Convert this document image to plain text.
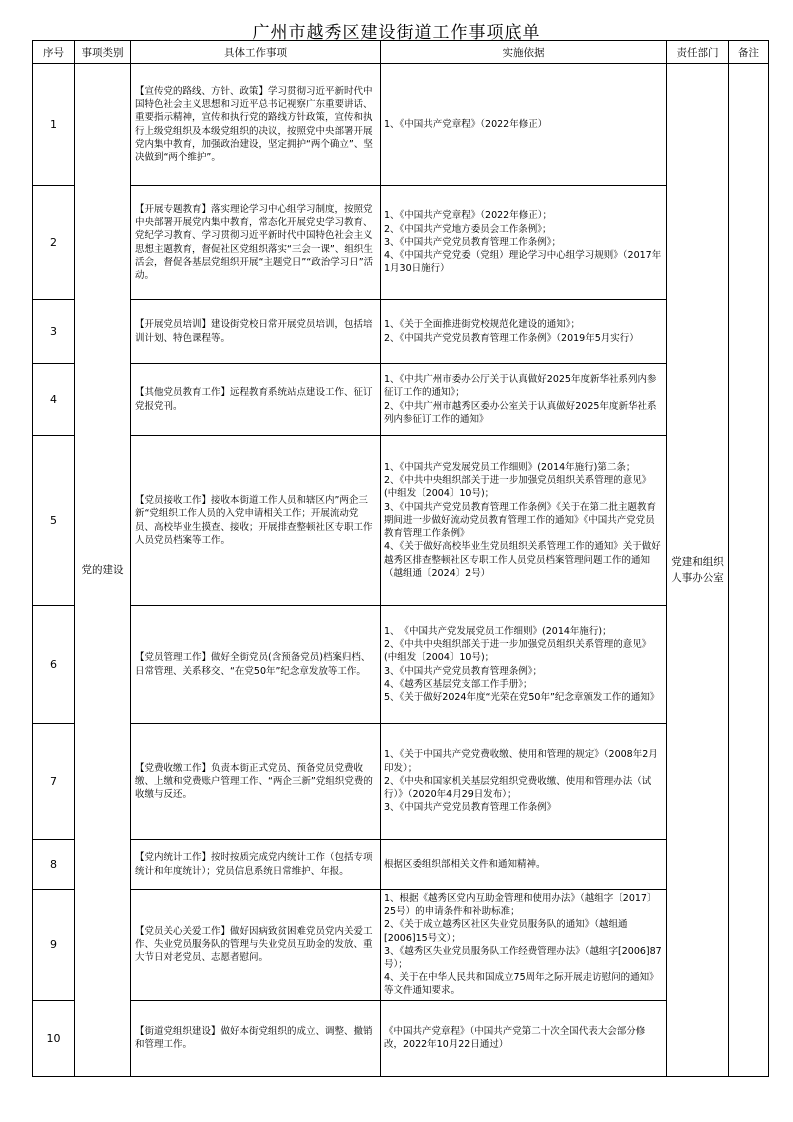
广州市越秀区建设街道工作事项底单
序号	事项类别	具体工作事项	实施依据	责任部门	备注
1	党的建设	【宣传党的路线、方针、政策】学习贯彻习近平新时代中国特色社会主义思想和习近平总书记视察广东重要讲话、重要指示精神，宣传和执行党的路线方针政策，宣传和执行上级党组织及本级党组织的决议，按照党中央部署开展党内集中教育，加强政治建设，坚定拥护“两个确立”、坚决做到“两个维护”。	1、《中国共产党章程》（2022年修正）	党建和组织人事办公室	
2		【开展专题教育】落实理论学习中心组学习制度，按照党中央部署开展党内集中教育，常态化开展党史学习教育、党纪学习教育、学习贯彻习近平新时代中国特色社会主义思想主题教育，督促社区党组织落实“三会一课”、组织生活会，督促各基层党组织开展“主题党日”“政治学习日”活动。	1、《中国共产党章程》（2022年修正）；
2、《中国共产党地方委员会工作条例》；
3、《中国共产党党员教育管理工作条例》；
4、《中国共产党党委（党组）理论学习中心组学习规则》（2017年1月30日施行）		

3		【开展党员培训】建设街党校日常开展党员培训，包括培训计划、特色课程等。	1、《关于全面推进街党校规范化建设的通知》；
2、《中国共产党党员教育管理工作条例》（2019年5月实行）		

4		【其他党员教育工作】远程教育系统站点建设工作、征订党报党刊。	1、《中共广州市委办公厅关于认真做好2025年度新华社系列内参征订工作的通知》；
2、《中共广州市越秀区委办公室关于认真做好2025年度新华社系列内参征订工作的通知》		

5		【党员接收工作】接收本街道工作人员和辖区内”两企三新“党组织工作人员的入党申请相关工作；开展流动党员、高校毕业生摸查、接收；开展排查整顿社区专职工作人员党员档案等工作。	1、《中国共产党发展党员工作细则》(2014年施行)第二条；
2、《中共中央组织部关于进一步加强党员组织关系管理的意见》(中组发〔2004〕10号)；
3、《中国共产党党员教育管理工作条例》《关于在第二批主题教育期间进一步做好流动党员教育管理工作的通知》《中国共产党党员教育管理工作条例》
4、《关于做好高校毕业生党员组织关系管理工作的通知》关于做好越秀区排查整顿社区专职工作人员党员档案管理问题工作的通知（越组通〔2024〕2号）		

6		【党员管理工作】做好全街党员(含预备党员)档案归档、日常管理、关系移交、“在党50年”纪念章发放等工作。	1、　《中国共产党发展党员工作细则》(2014年施行)；
2、《中共中央组织部关于进一步加强党员组织关系管理的意见》(中组发〔2004〕10号)；
3、《中国共产党党员教育管理条例》；
4、《越秀区基层党支部工作手册》；
5、《关于做好2024年度“光荣在党50年”纪念章颁发工作的通知》		

7		【党费收缴工作】负责本街正式党员、预备党员党费收缴、上缴和党费账户管理工作、“两企三新”党组织党费的收缴与反还。	1、《关于中国共产党党费收缴、使用和管理的规定》（2008年2月印发）；
2、《中央和国家机关基层党组织党费收缴、使用和管理办法（试行）》（2020年4月29日发布）；
3、《中国共产党党员教育管理工作条例》		

8		【党内统计工作】按时按质完成党内统计工作（包括专项统计和年度统计）；党员信息系统日常维护、年报。	根据区委组织部相关文件和通知精神。		

9		【党员关心关爱工作】做好因病致贫困难党员党内关爱工作、失业党员服务队的管理与失业党员互助金的发放、重大节日对老党员、志愿者慰问。	1、根据《越秀区党内互助金管理和使用办法》（越组字〔2017〕25号）的申请条件和补助标准；
2、《关于成立越秀区社区失业党员服务队的通知》（越组通[2006]15号文）；
3、《越秀区失业党员服务队工作经费管理办法》（越组字[2006]87号）；
4、关于在中华人民共和国成立75周年之际开展走访慰问的通知》等文件通知要求。		

10		【街道党组织建设】做好本街党组织的成立、调整、撤销和管理工作。	《中国共产党章程》（中国共产党第二十次全国代表大会部分修改，2022年10月22日通过）		
